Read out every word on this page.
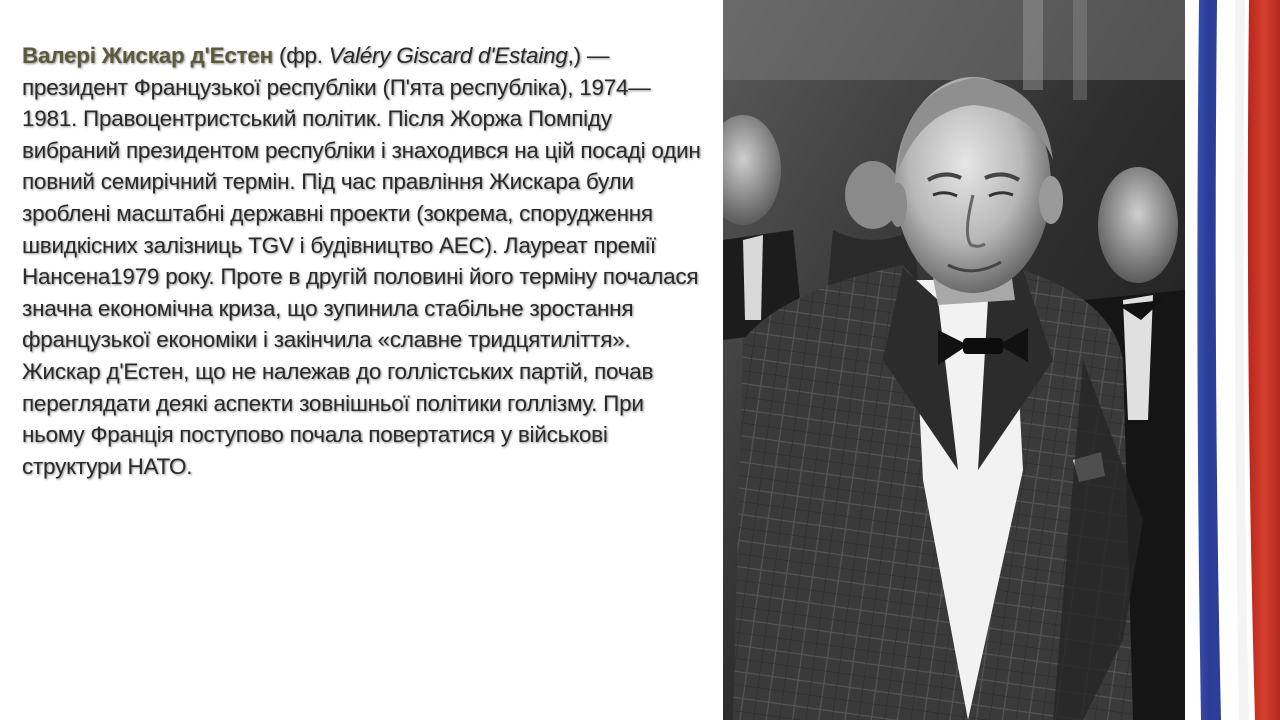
Валері Жискар д'Естен (фр. Valéry Giscard d'Estaing,) — президент Французької республіки (П'ята республіка), 1974—1981. Правоцентристський політик. Після Жоржа Помпіду вибраний президентом республіки і знаходився на цій посаді один повний семирічний термін. Під час правління Жискара були зроблені масштабні державні проекти (зокрема, спорудження швидкісних залізниць TGV і будівництво АЕС). Лауреат премії Нансена1979 року. Проте в другій половині його терміну почалася значна економічна криза, що зупинила стабільне зростання французької економіки і закінчила «славне тридцятиліття».
Жискар д'Естен, що не належав до голлістських партій, почав переглядати деякі аспекти зовнішньої політики голлізму. При ньому Франція поступово почала повертатися у військові структури НАТО.
